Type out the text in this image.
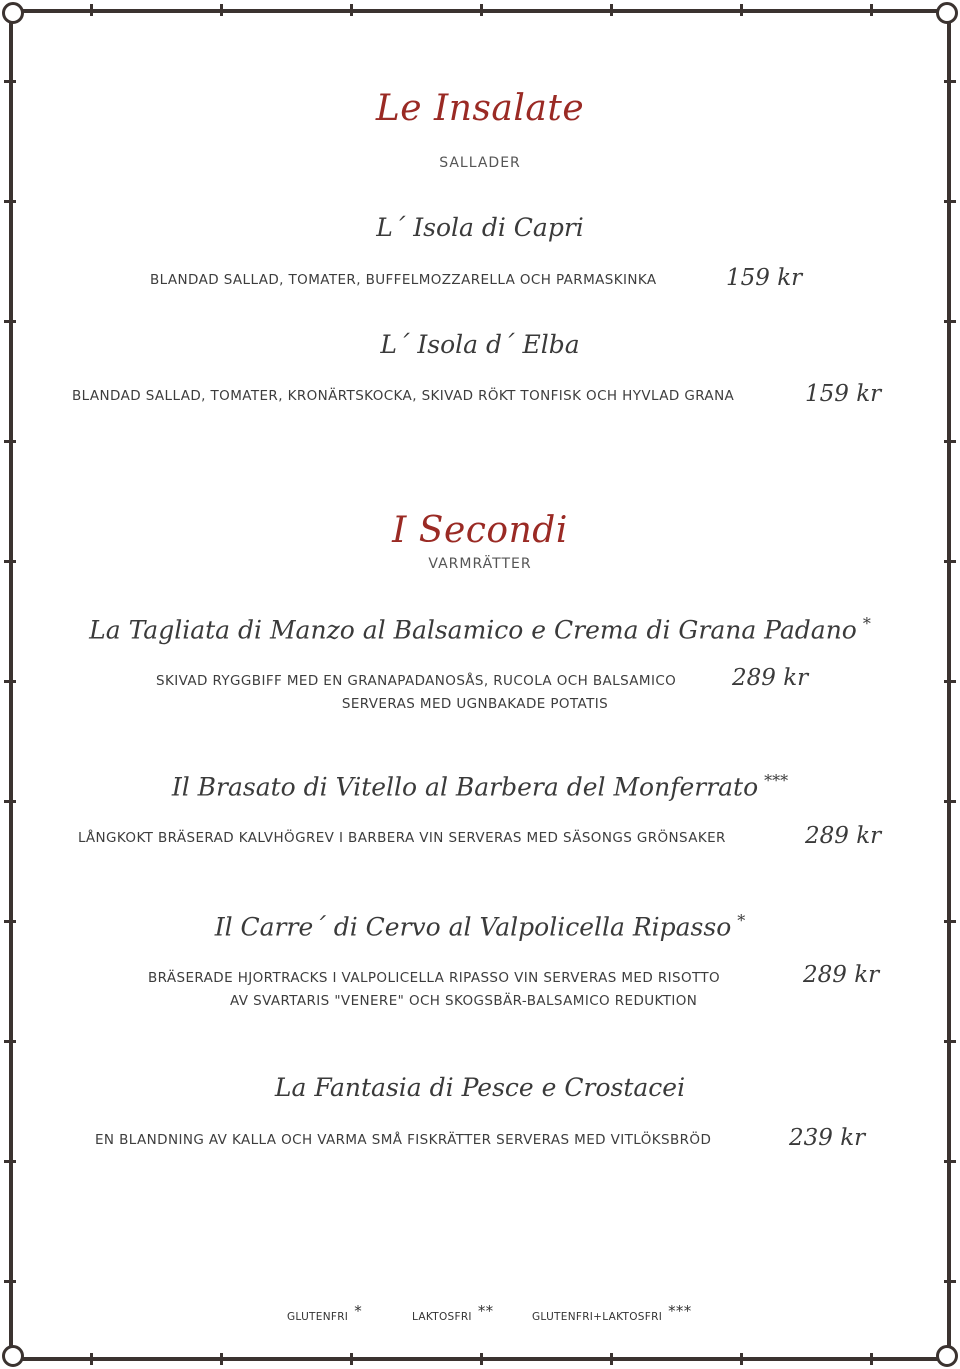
Le Insalate
SALLADER
L´ Isola di Capri
BLANDAD SALLAD, TOMATER, BUFFELMOZZARELLA OCH PARMASKINKA	159 kr
L´ Isola d´ Elba
BLANDAD SALLAD, TOMATER, KRONÄRTSKOCKA, SKIVAD RÖKT TONFISK OCH HYVLAD GRANA	159 kr
I Secondi
VARMRÄTTER
La Tagliata di Manzo al Balsamico e Crema di Grana Padano *
SKIVAD RYGGBIFF MED EN GRANAPADANOSÅS, RUCOLA OCH BALSAMICO
SERVERAS MED UGNBAKADE POTATIS
289 kr
Il Brasato di Vitello al Barbera del Monferrato ***
LÅNGKOKT BRÄSERAD KALVHÖGREV I BARBERA VIN SERVERAS MED SÄSONGS GRÖNSAKER	289 kr
Il Carre´ di Cervo al Valpolicella Ripasso *
BRÄSERADE HJORTRACKS I VALPOLICELLA RIPASSO VIN SERVERAS MED RISOTTO
AV SVARTARIS "VENERE" OCH SKOGSBÄR-BALSAMICO REDUKTION
289 kr
La Fantasia di Pesce e Crostacei
EN BLANDNING AV KALLA OCH VARMA SMÅ FISKRÄTTER SERVERAS MED VITLÖKSBRÖD	239 kr
GLUTENFRI *	LAKTOSFRI **	GLUTENFRI+LAKTOSFRI ***
